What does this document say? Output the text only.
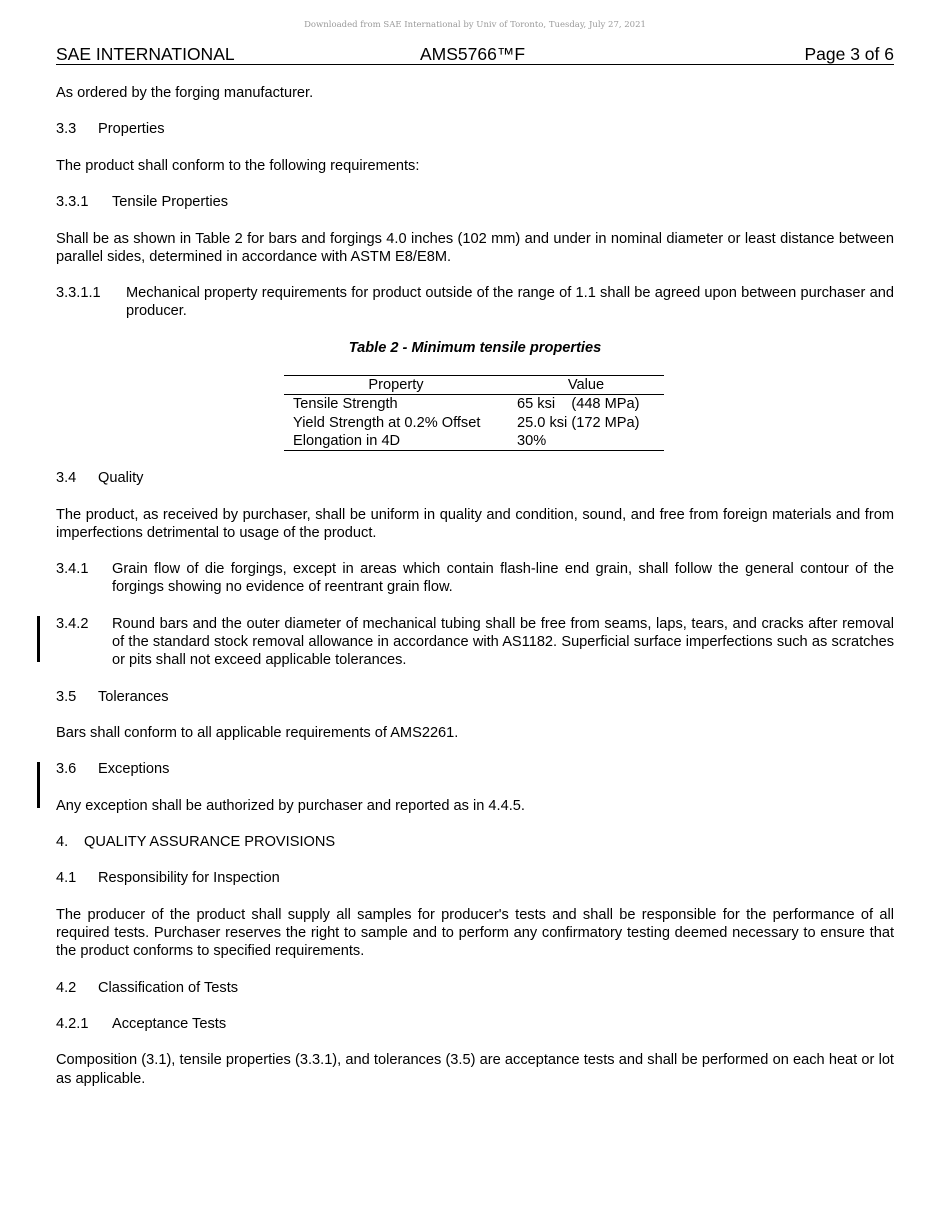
Downloaded from SAE International by Univ of Toronto, Tuesday, July 27, 2021
SAE INTERNATIONAL	AMS5766™F	Page 3 of 6

As ordered by the forging manufacturer.

3.3 Properties

The product shall conform to the following requirements:

3.3.1 Tensile Properties

Shall be as shown in Table 2 for bars and forgings 4.0 inches (102 mm) and under in nominal diameter or least distance between parallel sides, determined in accordance with ASTM E8/E8M.

3.3.1.1	Mechanical property requirements for product outside of the range of 1.1 shall be agreed upon between purchaser and producer.
Table 2 - Minimum tensile properties
Property	Value
Tensile Strength	65 ksi    (448 MPa)
Yield Strength at 0.2% Offset	25.0 ksi (172 MPa)
Elongation in 4D	30%
3.4 Quality

The product, as received by purchaser, shall be uniform in quality and condition, sound, and free from foreign materials and from imperfections detrimental to usage of the product.

3.4.1	Grain flow of die forgings, except in areas which contain flash-line end grain, shall follow the general contour of the forgings showing no evidence of reentrant grain flow.
3.4.2	Round bars and the outer diameter of mechanical tubing shall be free from seams, laps, tears, and cracks after removal of the standard stock removal allowance in accordance with AS1182. Superficial surface imperfections such as scratches or pits shall not exceed applicable tolerances.
3.5 Tolerances

Bars shall conform to all applicable requirements of AMS2261.

3.6 Exceptions

Any exception shall be authorized by purchaser and reported as in 4.4.5.

4. QUALITY ASSURANCE PROVISIONS
4.1 Responsibility for Inspection

The producer of the product shall supply all samples for producer's tests and shall be responsible for the performance of all required tests. Purchaser reserves the right to sample and to perform any confirmatory testing deemed necessary to ensure that the product conforms to specified requirements.

4.2 Classification of Tests
4.2.1 Acceptance Tests

Composition (3.1), tensile properties (3.3.1), and tolerances (3.5) are acceptance tests and shall be performed on each heat or lot as applicable.
